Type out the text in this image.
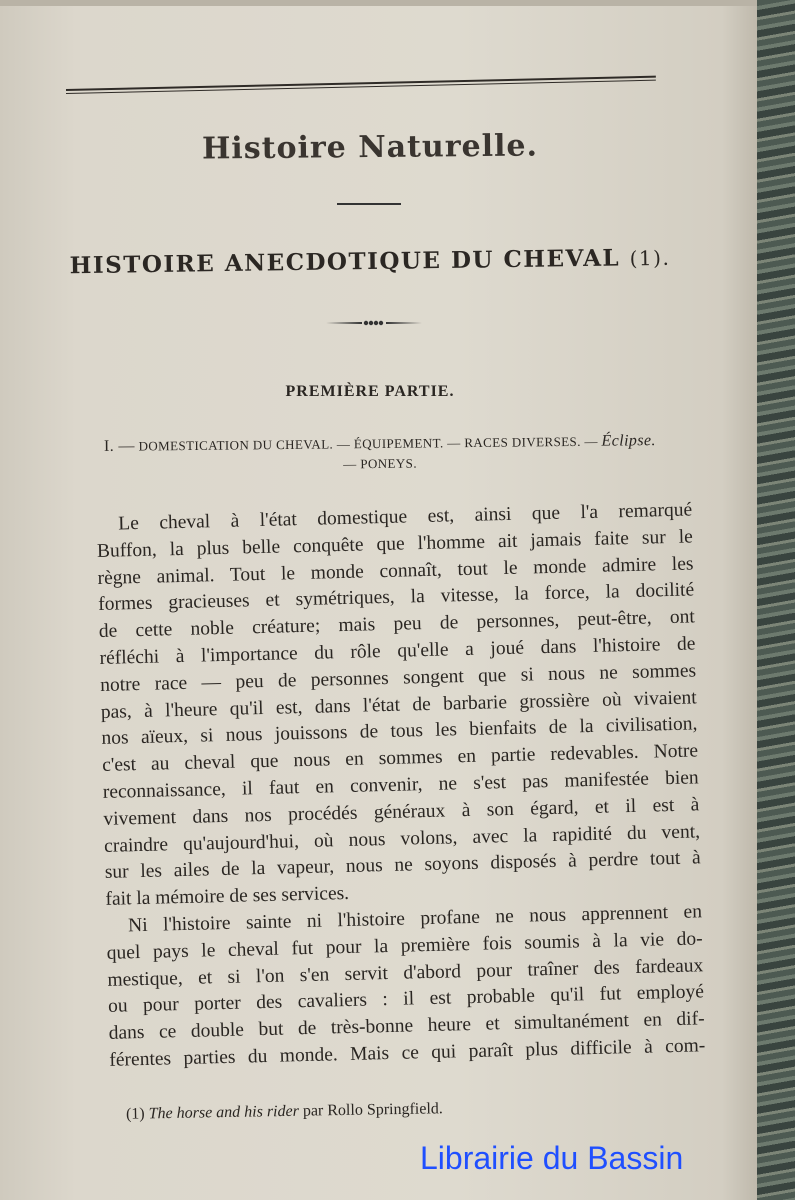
Histoire Naturelle.
HISTOIRE ANECDOTIQUE DU CHEVAL (1).
PREMIÈRE PARTIE.
I. — DOMESTICATION DU CHEVAL. — ÉQUIPEMENT. — RACES DIVERSES. — Éclipse.
— PONEYS.
Le cheval à l'état domestique est, ainsi que l'a remarqué
Buffon, la plus belle conquête que l'homme ait jamais faite sur le
règne animal. Tout le monde connaît, tout le monde admire les
formes gracieuses et symétriques, la vitesse, la force, la docilité
de cette noble créature; mais peu de personnes, peut-être, ont
réfléchi à l'importance du rôle qu'elle a joué dans l'histoire de
notre race — peu de personnes songent que si nous ne sommes
pas, à l'heure qu'il est, dans l'état de barbarie grossière où vivaient
nos aïeux, si nous jouissons de tous les bienfaits de la civilisation,
c'est au cheval que nous en sommes en partie redevables. Notre
reconnaissance, il faut en convenir, ne s'est pas manifestée bien
vivement dans nos procédés généraux à son égard, et il est à
craindre qu'aujourd'hui, où nous volons, avec la rapidité du vent,
sur les ailes de la vapeur, nous ne soyons disposés à perdre tout à
fait la mémoire de ses services.
Ni l'histoire sainte ni l'histoire profane ne nous apprennent en
quel pays le cheval fut pour la première fois soumis à la vie do-
mestique, et si l'on s'en servit d'abord pour traîner des fardeaux
ou pour porter des cavaliers : il est probable qu'il fut employé
dans ce double but de très-bonne heure et simultanément en dif-
férentes parties du monde. Mais ce qui paraît plus difficile à com-
(1) The horse and his rider par Rollo Springfield.
Librairie du Bassin
